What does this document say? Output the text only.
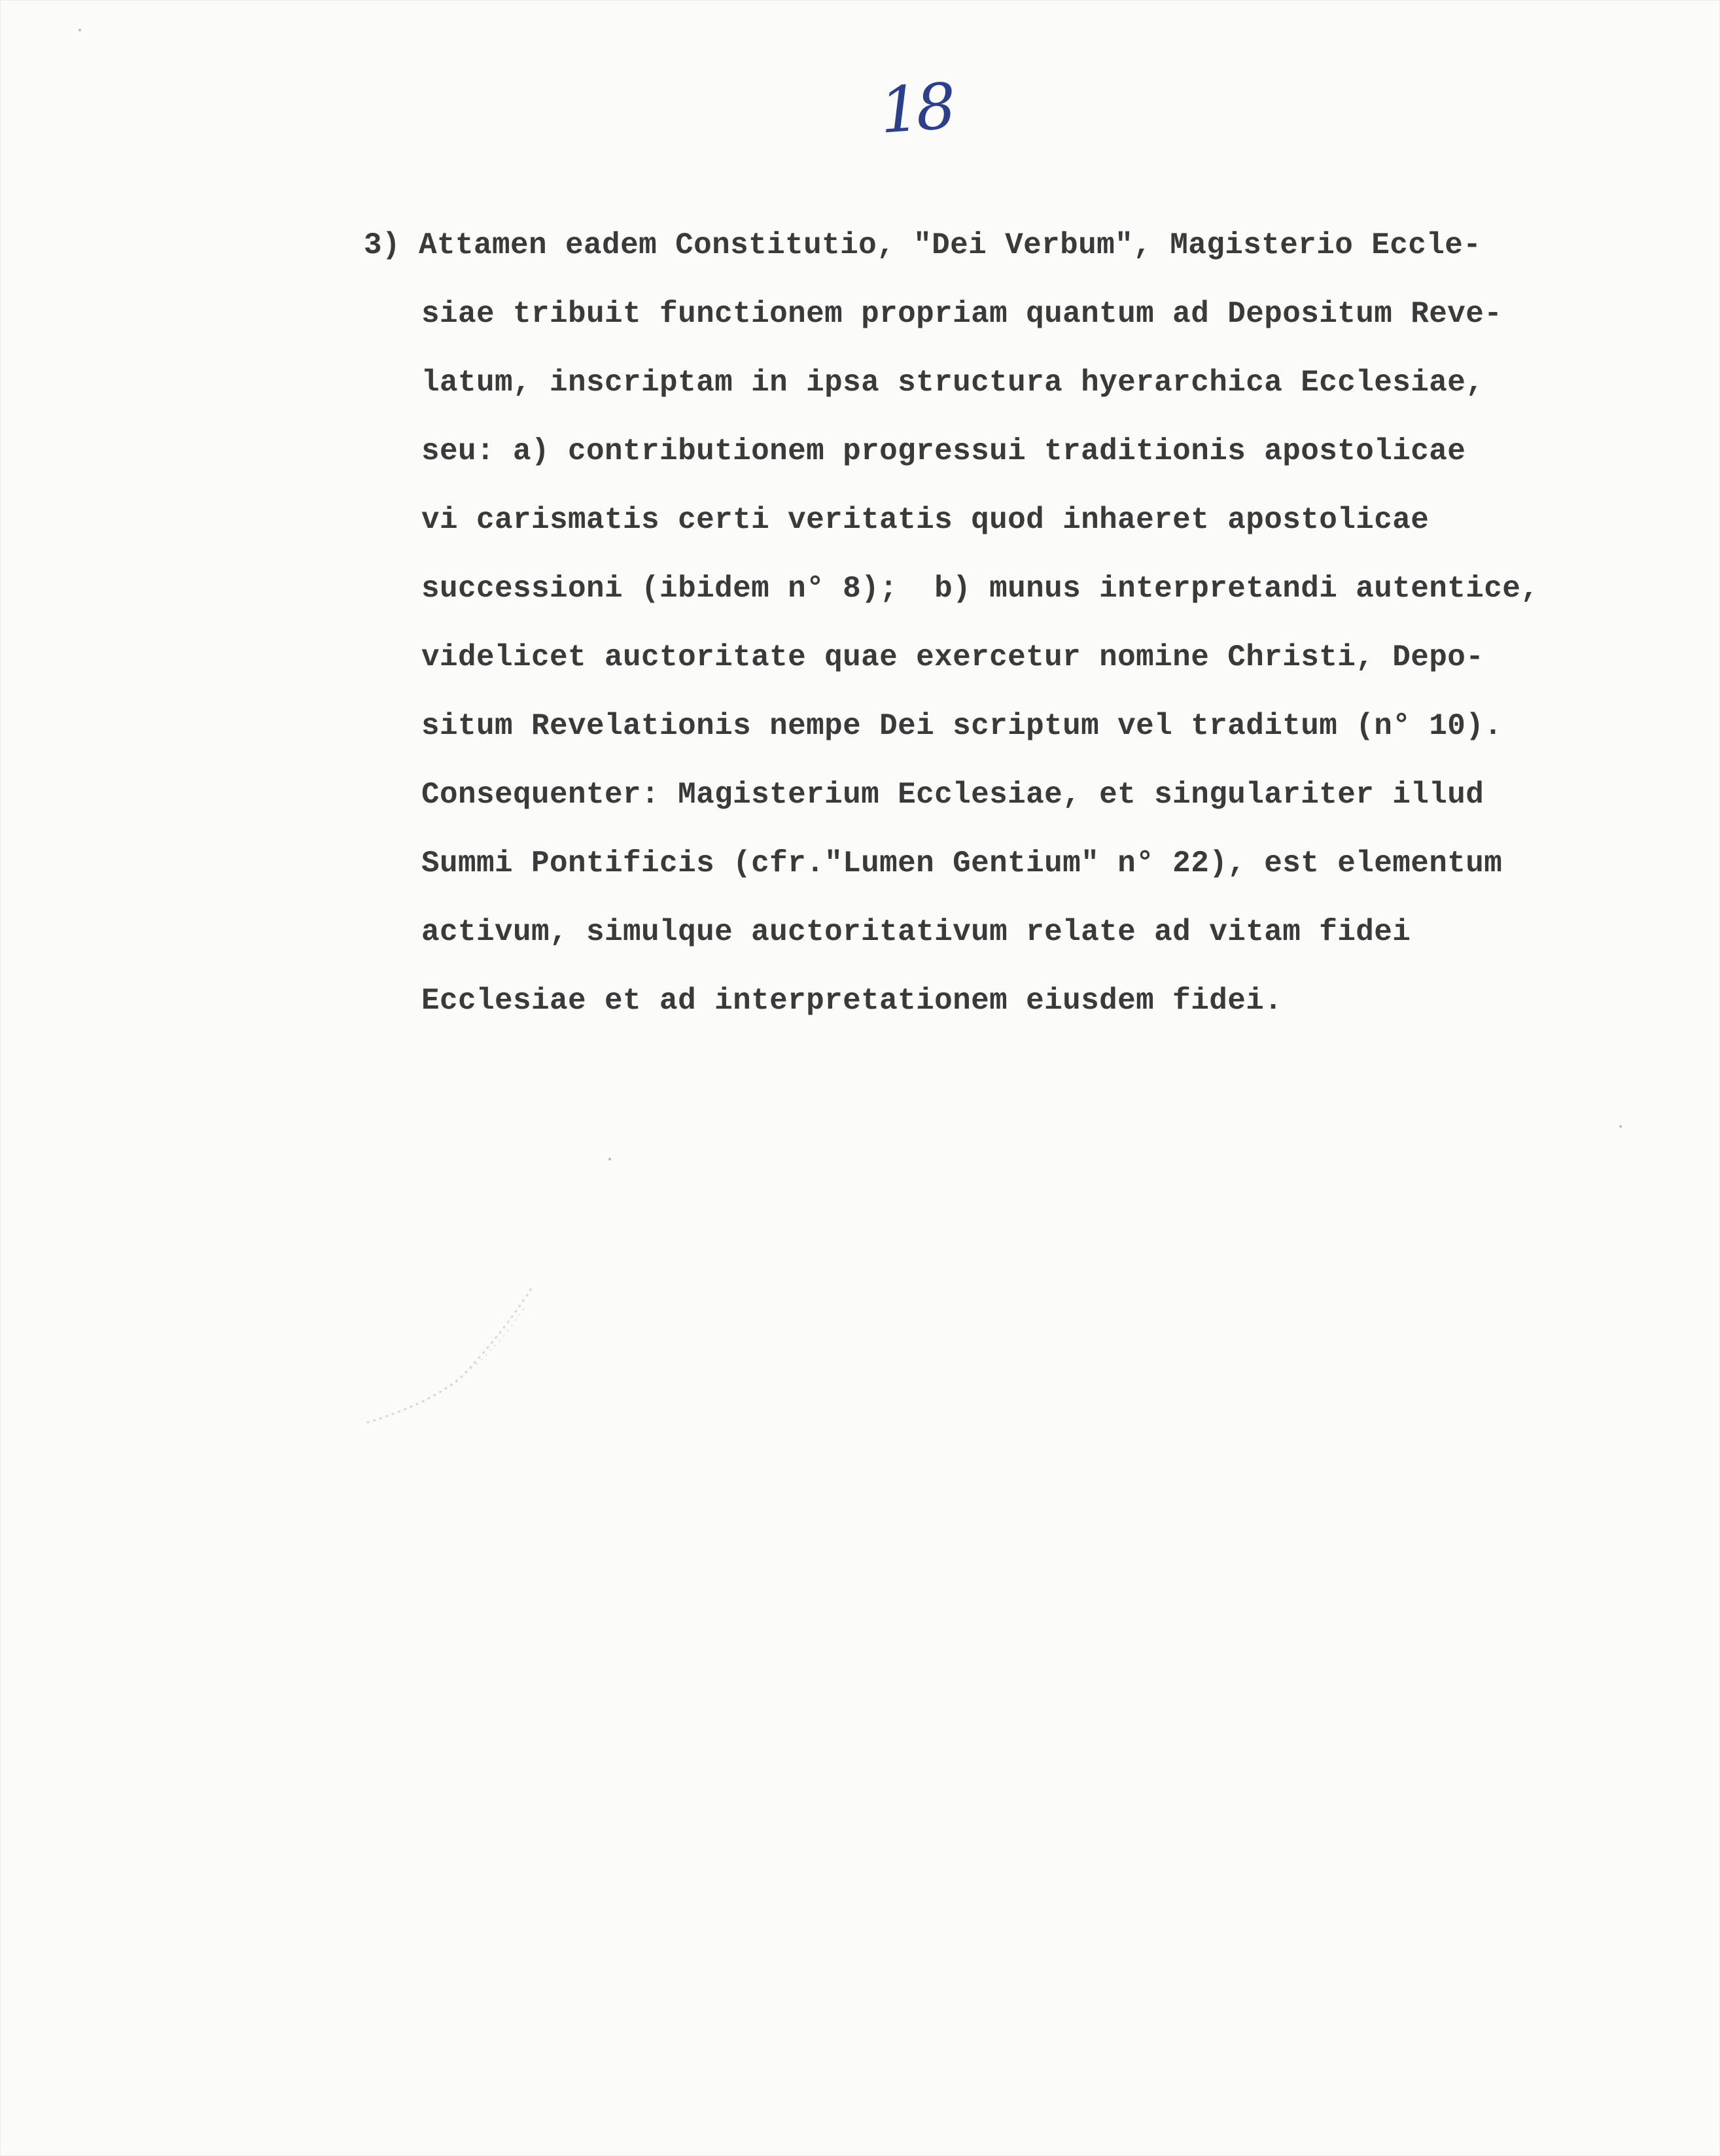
18
3) Attamen eadem Constitutio, "Dei Verbum", Magisterio Eccle-
siae tribuit functionem propriam quantum ad Depositum Reve-
latum, inscriptam in ipsa structura hyerarchica Ecclesiae,
seu: a) contributionem progressui traditionis apostolicae
vi carismatis certi veritatis quod inhaeret apostolicae
successioni (ibidem n° 8);  b) munus interpretandi autentice,
videlicet auctoritate quae exercetur nomine Christi, Depo-
situm Revelationis nempe Dei scriptum vel traditum (n° 10).
Consequenter: Magisterium Ecclesiae, et singulariter illud
Summi Pontificis (cfr."Lumen Gentium" n° 22), est elementum
activum, simulque auctoritativum relate ad vitam fidei
Ecclesiae et ad interpretationem eiusdem fidei.
